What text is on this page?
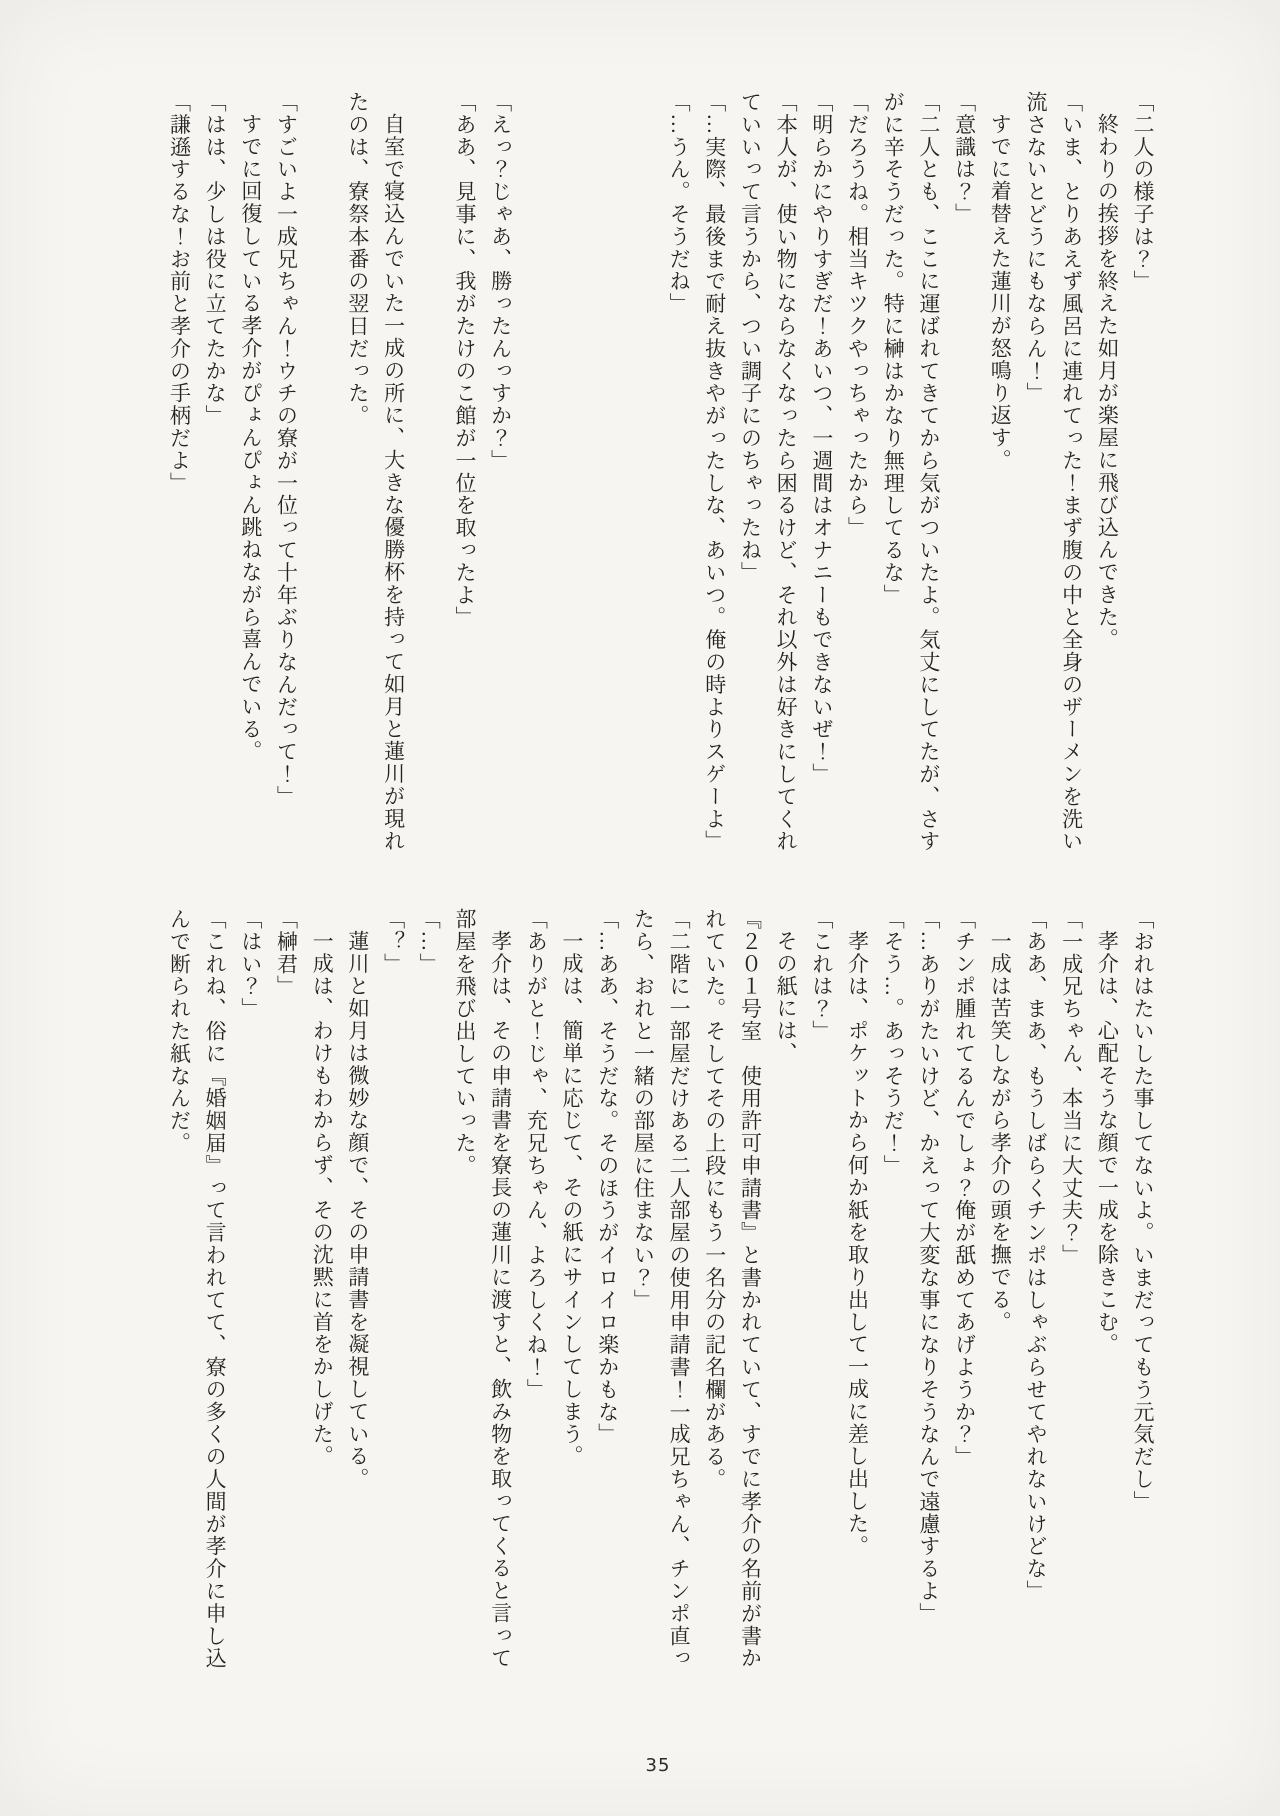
「二人の様子は？」
終わりの挨拶を終えた如月が楽屋に飛び込んできた。
「いま、とりあえず風呂に連れてった！まず腹の中と全身のザーメンを洗い
流さないとどうにもならん！」
すでに着替えた蓮川が怒鳴り返す。
「意識は？」
「二人とも、ここに運ばれてきてから気がついたよ。気丈にしてたが、さす
がに辛そうだった。特に榊はかなり無理してるな」
「だろうね。相当キツクやっちゃったから」
「明らかにやりすぎだ！あいつ、一週間はオナニーもできないぜ！」
「本人が、使い物にならなくなったら困るけど、それ以外は好きにしてくれ
ていいって言うから、つい調子にのちゃったね」
「…実際、最後まで耐え抜きやがったしな、あいつ。俺の時よりスゲーよ」
「…うん。そうだね」
「えっ？じゃあ、勝ったんっすか？」
「ああ、見事に、我がたけのこ館が一位を取ったよ」
自室で寝込んでいた一成の所に、大きな優勝杯を持って如月と蓮川が現れ
たのは、寮祭本番の翌日だった。
「すごいよ一成兄ちゃん！ウチの寮が一位って十年ぶりなんだって！」
すでに回復している孝介がぴょんぴょん跳ねながら喜んでいる。
「はは、少しは役に立てたかな」
「謙遜するな！お前と孝介の手柄だよ」
「おれはたいした事してないよ。いまだってもう元気だし」
孝介は、心配そうな顔で一成を除きこむ。
「一成兄ちゃん、本当に大丈夫？」
「ああ、まあ、もうしばらくチンポはしゃぶらせてやれないけどな」
一成は苦笑しながら孝介の頭を撫でる。
「チンポ腫れてるんでしょ？俺が舐めてあげようか？」
「…ありがたいけど、かえって大変な事になりそうなんで遠慮するよ」
「そう…。あっそうだ！」
孝介は、ポケットから何か紙を取り出して一成に差し出した。
「これは？」
その紙には、
『２０１号室　使用許可申請書』と書かれていて、すでに孝介の名前が書か
れていた。そしてその上段にもう一名分の記名欄がある。
「二階に一部屋だけある二人部屋の使用申請書！一成兄ちゃん、チンポ直っ
たら、おれと一緒の部屋に住まない？」
「…ああ、そうだな。そのほうがイロイロ楽かもな」
一成は、簡単に応じて、その紙にサインしてしまう。
「ありがと！じゃ、充兄ちゃん、よろしくね！」
孝介は、その申請書を寮長の蓮川に渡すと、飲み物を取ってくると言って
部屋を飛び出していった。
「…」
「？」
蓮川と如月は微妙な顔で、その申請書を凝視している。
一成は、わけもわからず、その沈黙に首をかしげた。
「榊君」
「はい？」
「これね、俗に『婚姻届』って言われてて、寮の多くの人間が孝介に申し込
んで断られた紙なんだ。
35
